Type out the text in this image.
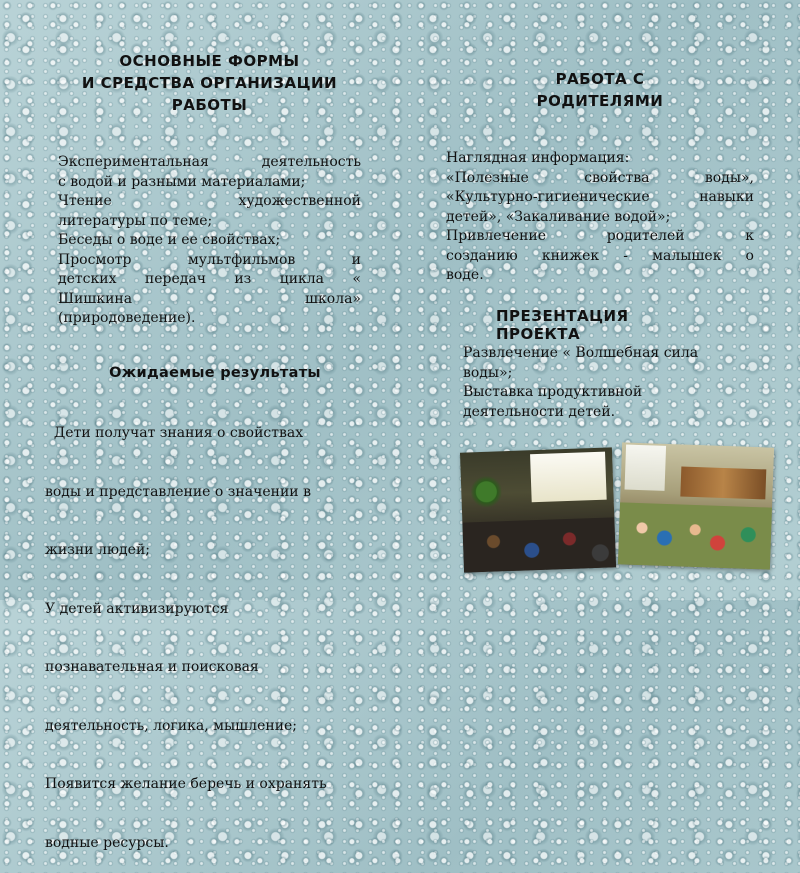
ОСНОВНЫЕ ФОРМЫ

И СРЕДСТВА ОРГАНИЗАЦИИ

РАБОТЫ

Экспериментальная деятельность

с водой и разными материалами;

Чтение художественной

литературы по теме;

Беседы о воде и ее свойствах;

Просмотр мультфильмов и

детских передач из цикла «

Шишкина школа»

(природоведение).

Ожидаемые результаты

Дети получат знания о свойствах

воды и представление о значении в

жизни людей;

У детей активизируются

познавательная и поисковая

деятельность, логика, мышление;

Появится желание беречь и охранять

водные ресурсы.

РАБОТА С

РОДИТЕЛЯМИ

Наглядная информация:

«Полезные свойства воды»,

«Культурно-гигиенические навыки

детей», «Закаливание водой»;

Привлечение родителей к

созданию книжек - малышек о

воде.

ПРЕЗЕНТАЦИЯ

ПРОЕКТА

Развлечение « Волшебная сила

воды»;

Выставка продуктивной

деятельности детей.
